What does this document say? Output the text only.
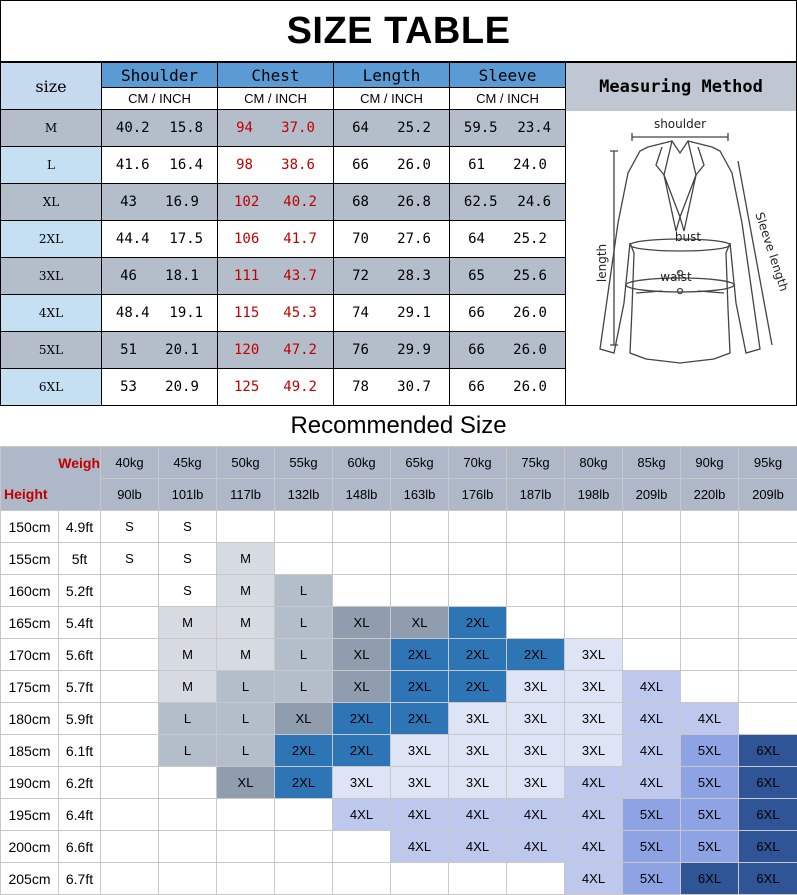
SIZE TABLE
size	Shoulder	Chest	Length	Sleeve
	CM / INCH	CM / INCH	CM / INCH	CM / INCH
M	40.2 15.8	94 37.0	64 25.2	59.5 23.4

L	41.6 16.4	98 38.6	66 26.0	61 24.0

XL	43 16.9	102 40.2	68 26.8	62.5 24.6

2XL	44.4 17.5	106 41.7	70 27.6	64 25.2

3XL	46 18.1	111 43.7	72 28.3	65 25.6

4XL	48.4 19.1	115 45.3	74 29.1	66 26.0

5XL	51 20.1	120 47.2	76 29.9	66 26.0

6XL	53 20.9	125 49.2	78 30.7	66 26.0
Measuring Method
shoulder
bust
waist
length	Sleeve length
Recommended Size
Weigh
Height		40kg	45kg	50kg	55kg	60kg	65kg	70kg	75kg	80kg	85kg	90kg	95kg
		90lb	101lb	117lb	132lb	148lb	163lb	176lb	187lb	198lb	209lb	220lb	209lb
150cm	4.9ft	S	S										
155cm	5ft	S	S	M									
160cm	5.2ft		S	M	L								
165cm	5.4ft		M	M	L	XL	XL	2XL					
170cm	5.6ft		M	M	L	XL	2XL	2XL	2XL	3XL			
175cm	5.7ft		M	L	L	XL	2XL	2XL	3XL	3XL	4XL		
180cm	5.9ft		L	L	XL	2XL	2XL	3XL	3XL	3XL	4XL	4XL	
185cm	6.1ft		L	L	2XL	2XL	3XL	3XL	3XL	3XL	4XL	5XL	6XL
190cm	6.2ft			XL	2XL	3XL	3XL	3XL	3XL	4XL	4XL	5XL	6XL
195cm	6.4ft					4XL	4XL	4XL	4XL	4XL	5XL	5XL	6XL
200cm	6.6ft						4XL	4XL	4XL	4XL	5XL	5XL	6XL
205cm	6.7ft									4XL	5XL	6XL	6XL
